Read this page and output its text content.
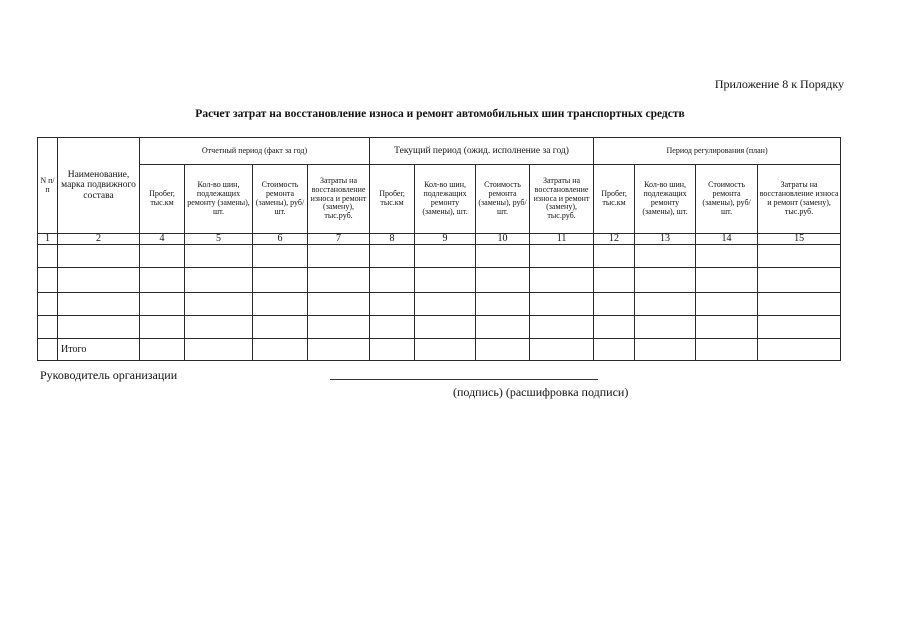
Приложение 8 к Порядку
Расчет затрат на восстановление износа и ремонт автомобильных шин транспортных средств
N п/п	Наименование, марка подвижного состава	Отчетный период (факт за год)				Текущий период (ожид. исполнение за год)				Период регулирования (план)			
		Пробег, тыс.км	Кол-во шин, подлежащих ремонту (замены), шт.	Стоимость ремонта (замены), руб/шт.	Затраты на восстановление износа и ремонт (замену), тыс.руб.	Пробег, тыс.км	Кол-во шин, подлежащих ремонту (замены), шт.	Стоимость ремонта (замены), руб/шт.	Затраты на восстановление износа и ремонт (замену), тыс.руб.	Пробег, тыс.км	Кол-во шин, подлежащих ремонту (замены), шт.	Стоимость ремонта (замены), руб/шт.	Затраты на восстановление износа и ремонт (замену), тыс.руб.
1	2	4	5	6	7	8	9	10	11	12	13	14	15

	Итого												
Руководитель организации
(подпись) (расшифровка подписи)
